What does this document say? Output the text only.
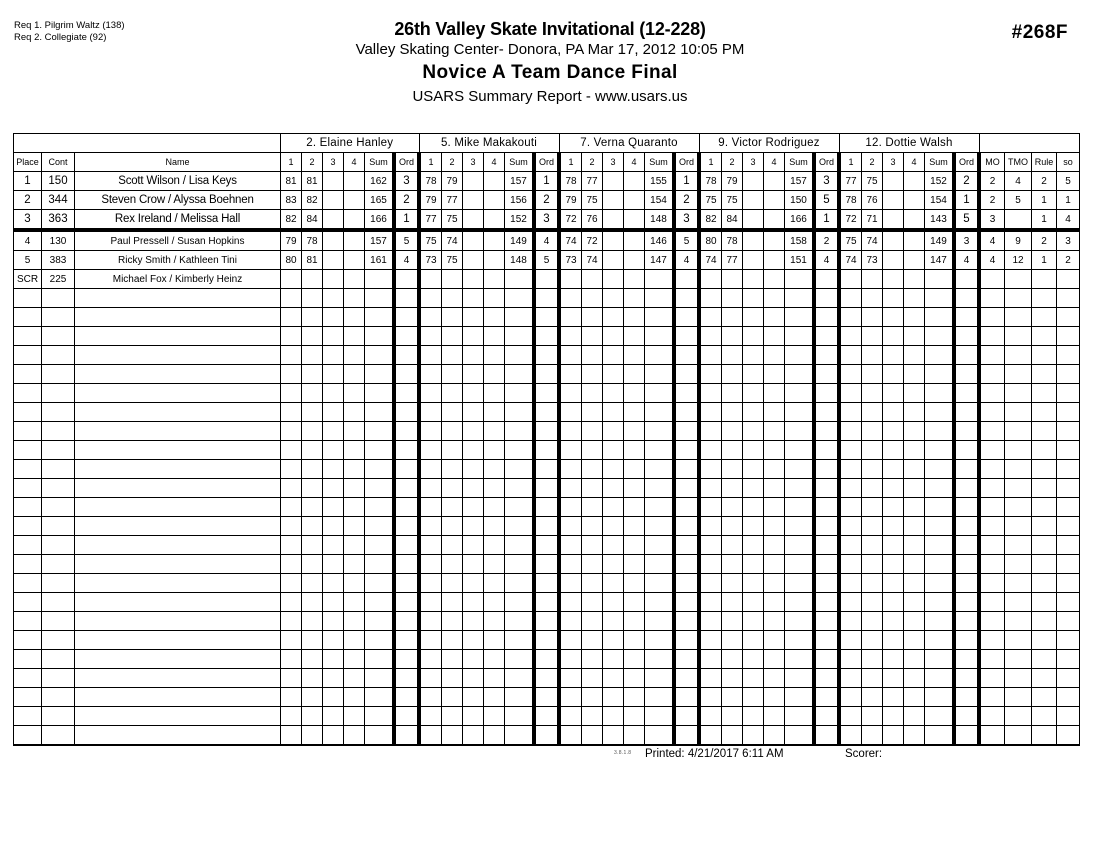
Req 1. Pilgrim Waltz (138)
Req 2. Collegiate (92)	26th Valley Skate Invitational (12-228)
Valley Skating Center- Donora, PA Mar 17, 2012 10:05 PM
Novice A Team Dance Final
USARS Summary Report - www.usars.us
#268F
			2. Elaine Hanley						5. Mike Makakouti						7. Verna Quaranto						9. Victor Rodriguez						12. Dottie Walsh									
Place	Cont	Name	1	2	3	4	Sum	Ord	1	2	3	4	Sum	Ord	1	2	3	4	Sum	Ord	1	2	3	4	Sum	Ord	1	2	3	4	Sum	Ord	MO	TMO	Rule	so
1	150	Scott Wilson / Lisa Keys	81	81			162	3	78	79			157	1	78	77			155	1	78	79			157	3	77	75			152	2	2	4	2	5
2	344	Steven Crow / Alyssa Boehnen	83	82			165	2	79	77			156	2	79	75			154	2	75	75			150	5	78	76			154	1	2	5	1	1
3	363	Rex Ireland / Melissa Hall	82	84			166	1	77	75			152	3	72	76			148	3	82	84			166	1	72	71			143	5	3		1	4
4	130	Paul Pressell / Susan Hopkins	79	78			157	5	75	74			149	4	74	72			146	5	80	78			158	2	75	74			149	3	4	9	2	3
5	383	Ricky Smith / Kathleen Tini	80	81			161	4	73	75			148	5	73	74			147	4	74	77			151	4	74	73			147	4	4	12	1	2
SCR	225	Michael Fox / Kimberly Heinz																																		

3.8.1.8 Printed: 4/21/2017 6:11 AM	Scorer:
